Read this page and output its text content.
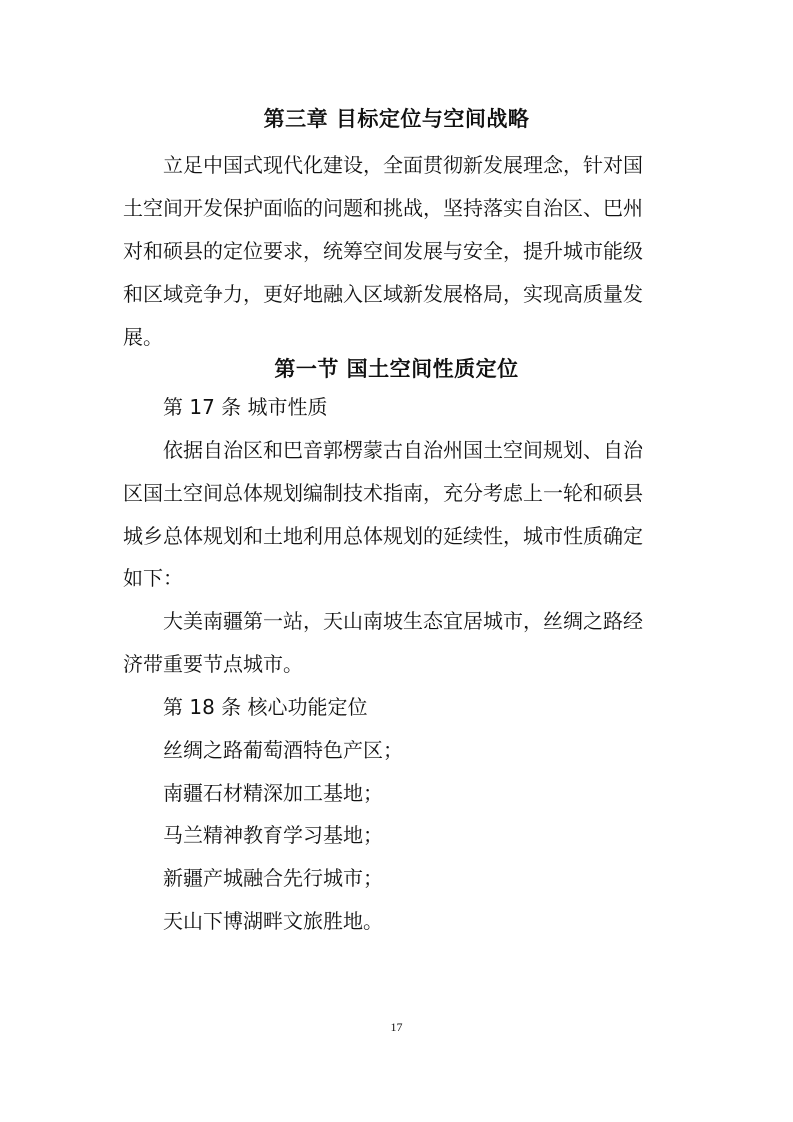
第三章 目标定位与空间战略
立足中国式现代化建设，全面贯彻新发展理念，针对国
土空间开发保护面临的问题和挑战，坚持落实自治区、巴州
对和硕县的定位要求，统筹空间发展与安全，提升城市能级
和区域竞争力，更好地融入区域新发展格局，实现高质量发
展。
第一节 国土空间性质定位
第 17 条 城市性质
依据自治区和巴音郭楞蒙古自治州国土空间规划、自治
区国土空间总体规划编制技术指南，充分考虑上一轮和硕县
城乡总体规划和土地利用总体规划的延续性，城市性质确定
如下：
大美南疆第一站，天山南坡生态宜居城市，丝绸之路经
济带重要节点城市。
第 18 条 核心功能定位
丝绸之路葡萄酒特色产区；
南疆石材精深加工基地；
马兰精神教育学习基地；
新疆产城融合先行城市；
天山下博湖畔文旅胜地。
17
